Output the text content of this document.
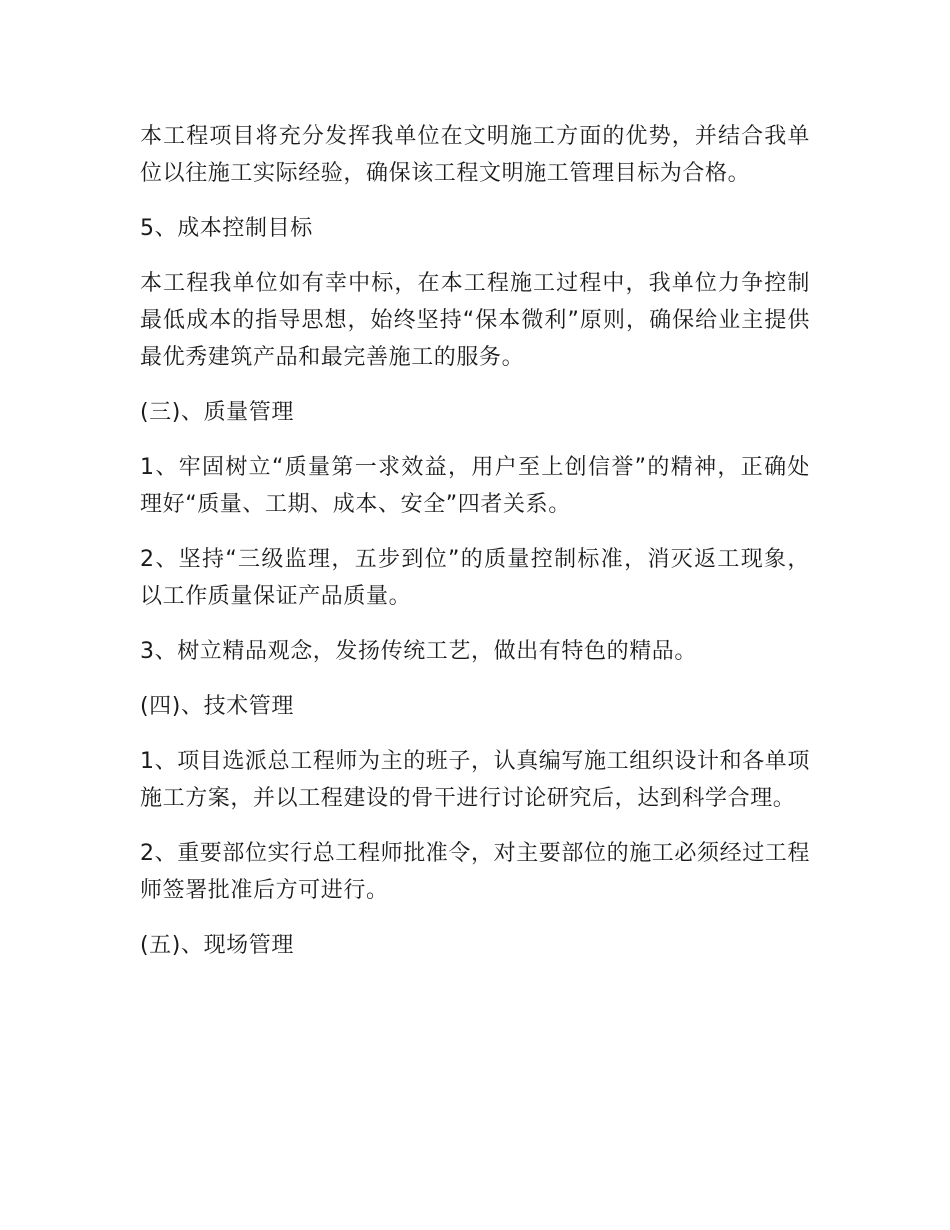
本工程项目将充分发挥我单位在文明施工方面的优势，并结合我单位以往施工实际经验，确保该工程文明施工管理目标为合格。

5、成本控制目标

本工程我单位如有幸中标，在本工程施工过程中，我单位力争控制最低成本的指导思想，始终坚持“保本微利”原则，确保给业主提供最优秀建筑产品和最完善施工的服务。

(三)、质量管理

1、牢固树立“质量第一求效益，用户至上创信誉”的精神，正确处理好“质量、工期、成本、安全”四者关系。

2、坚持“三级监理，五步到位”的质量控制标准，消灭返工现象，以工作质量保证产品质量。

3、树立精品观念，发扬传统工艺，做出有特色的精品。

(四)、技术管理

1、项目选派总工程师为主的班子，认真编写施工组织设计和各单项施工方案，并以工程建设的骨干进行讨论研究后，达到科学合理。

2、重要部位实行总工程师批准令，对主要部位的施工必须经过工程师签署批准后方可进行。

(五)、现场管理
